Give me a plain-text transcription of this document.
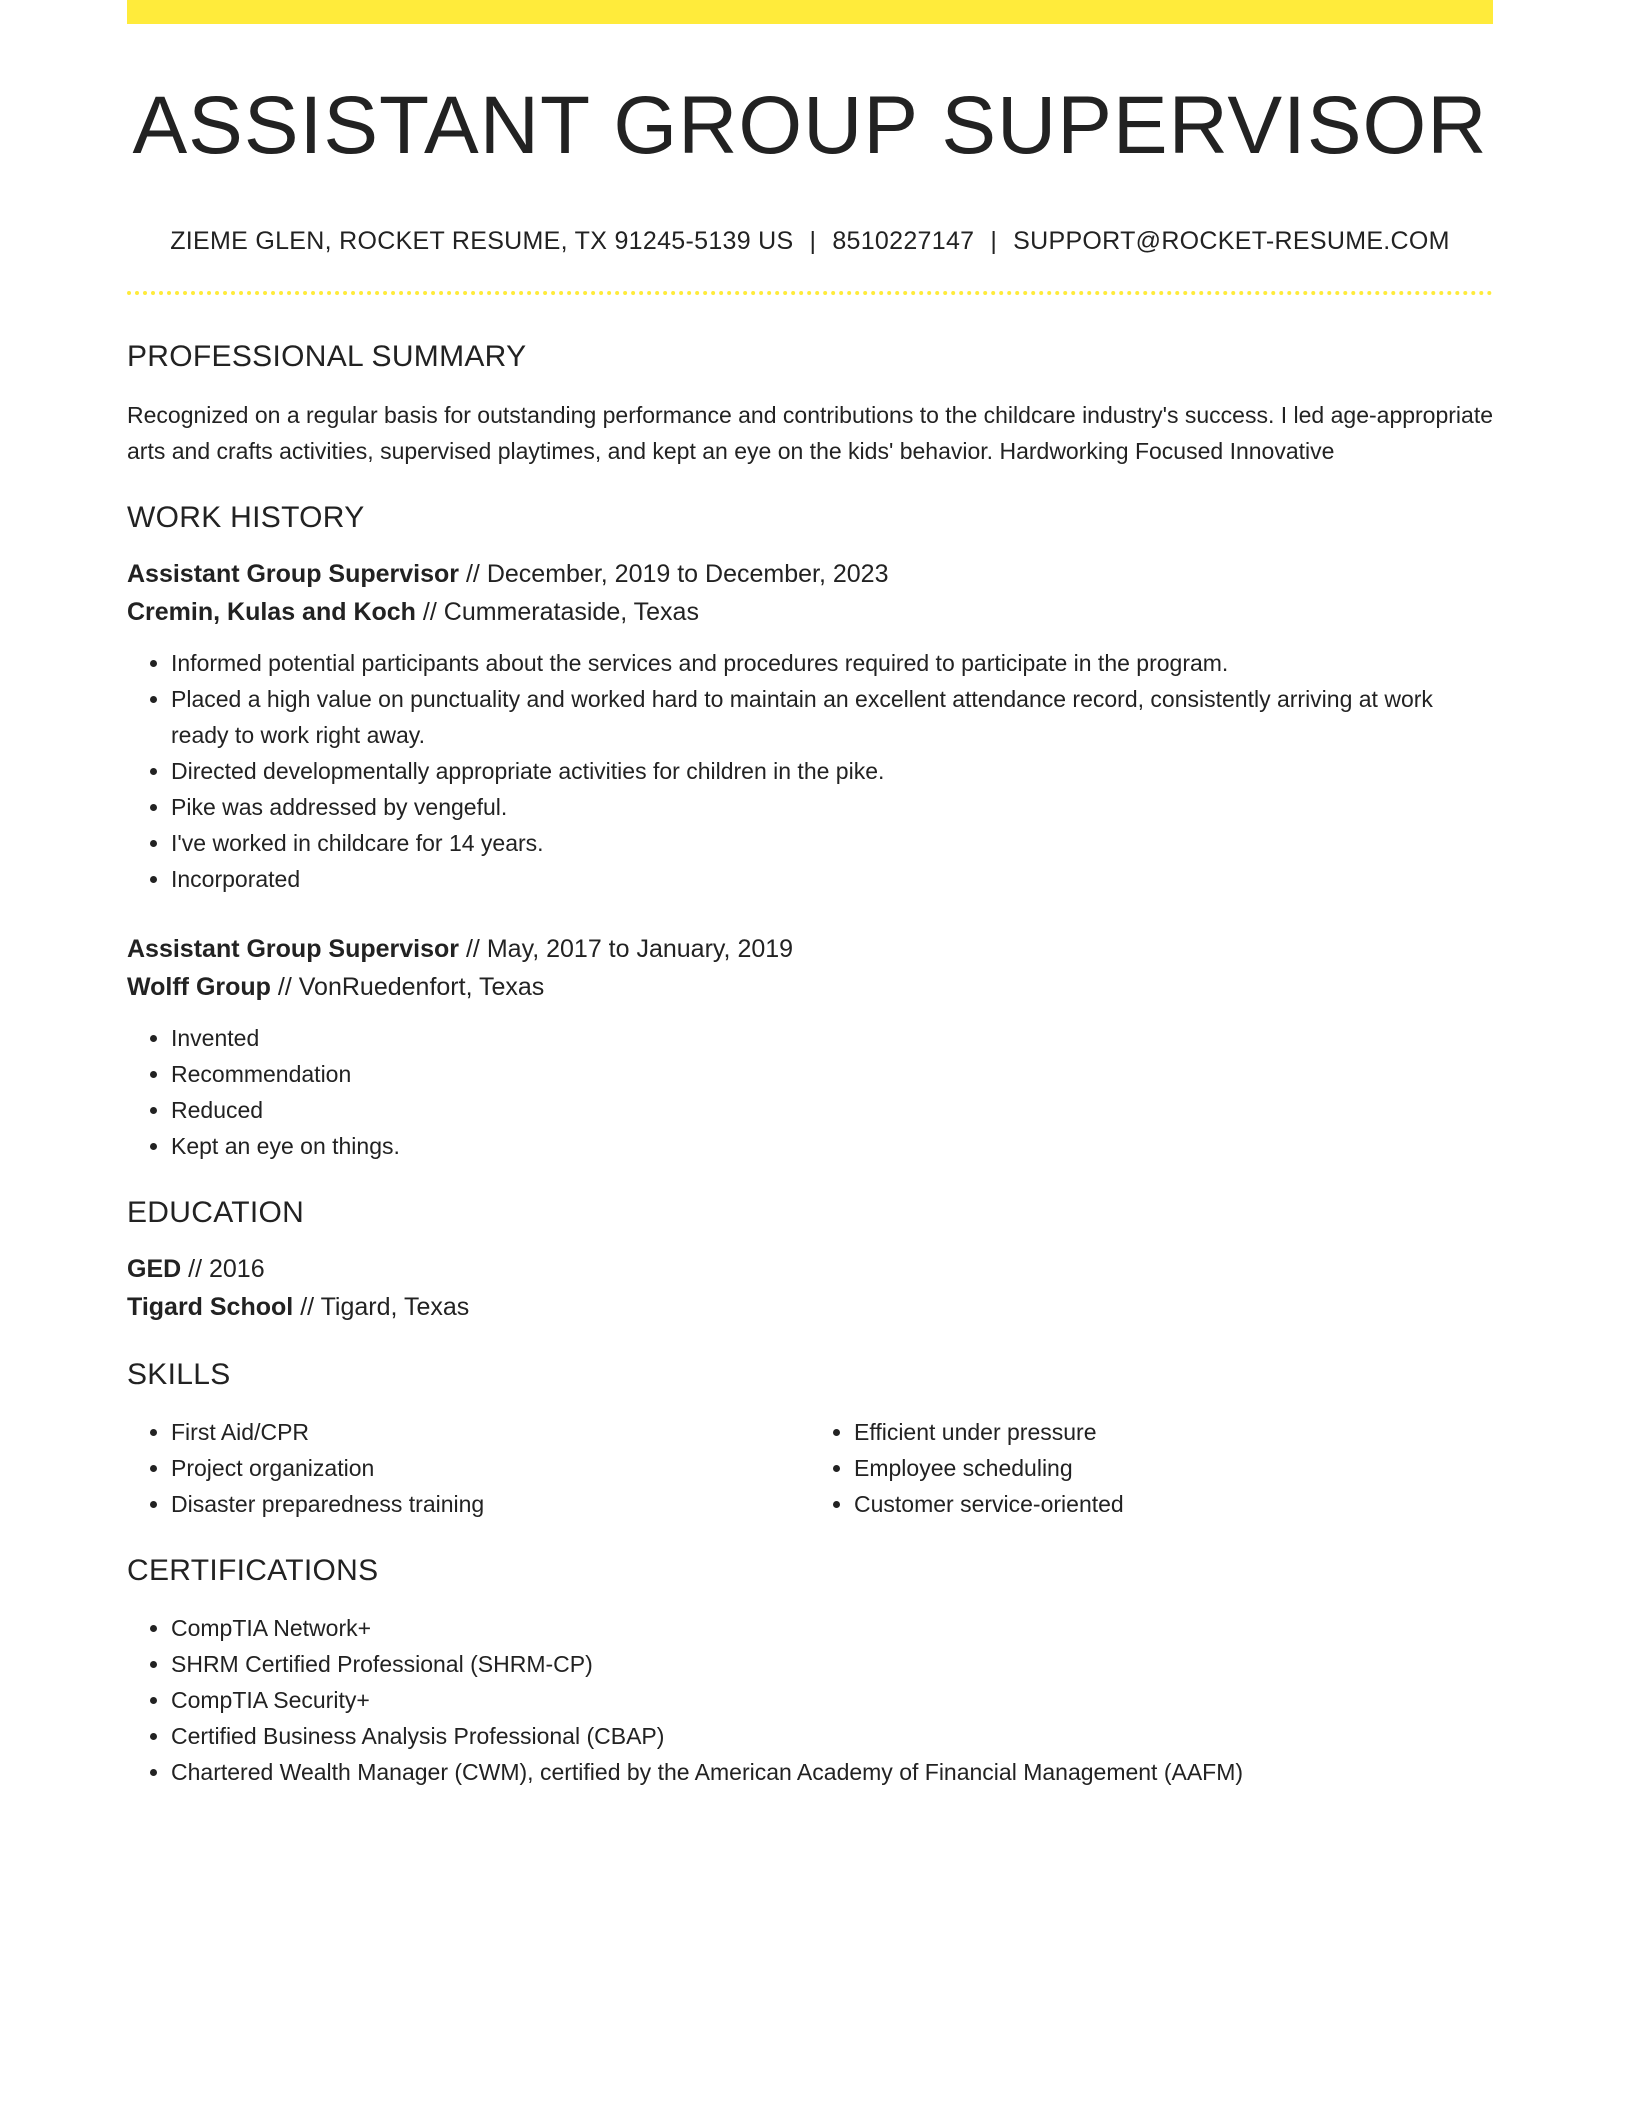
ASSISTANT GROUP SUPERVISOR
ZIEME GLEN, ROCKET RESUME, TX 91245-5139 US | 8510227147 | SUPPORT@ROCKET-RESUME.COM
PROFESSIONAL SUMMARY

Recognized on a regular basis for outstanding performance and contributions to the childcare industry's success. I led age-appropriate arts and crafts activities, supervised playtimes, and kept an eye on the kids' behavior. Hardworking Focused Innovative

WORK HISTORY

Assistant Group Supervisor // December, 2019 to December, 2023

Cremin, Kulas and Koch // Cummerataside, Texas

• Informed potential participants about the services and procedures required to participate in the program.
• Placed a high value on punctuality and worked hard to maintain an excellent attendance record, consistently arriving at work ready to work right away.
• Directed developmentally appropriate activities for children in the pike.
• Pike was addressed by vengeful.
• I've worked in childcare for 14 years.
• Incorporated

Assistant Group Supervisor // May, 2017 to January, 2019

Wolff Group // VonRuedenfort, Texas

• Invented
• Recommendation
• Reduced
• Kept an eye on things.
EDUCATION

GED // 2016

Tigard School // Tigard, Texas

SKILLS
• First Aid/CPR
• Project organization
• Disaster preparedness training
• Efficient under pressure
• Employee scheduling
• Customer service-oriented
CERTIFICATIONS
• CompTIA Network+
• SHRM Certified Professional (SHRM-CP)
• CompTIA Security+
• Certified Business Analysis Professional (CBAP)
• Chartered Wealth Manager (CWM), certified by the American Academy of Financial Management (AAFM)
